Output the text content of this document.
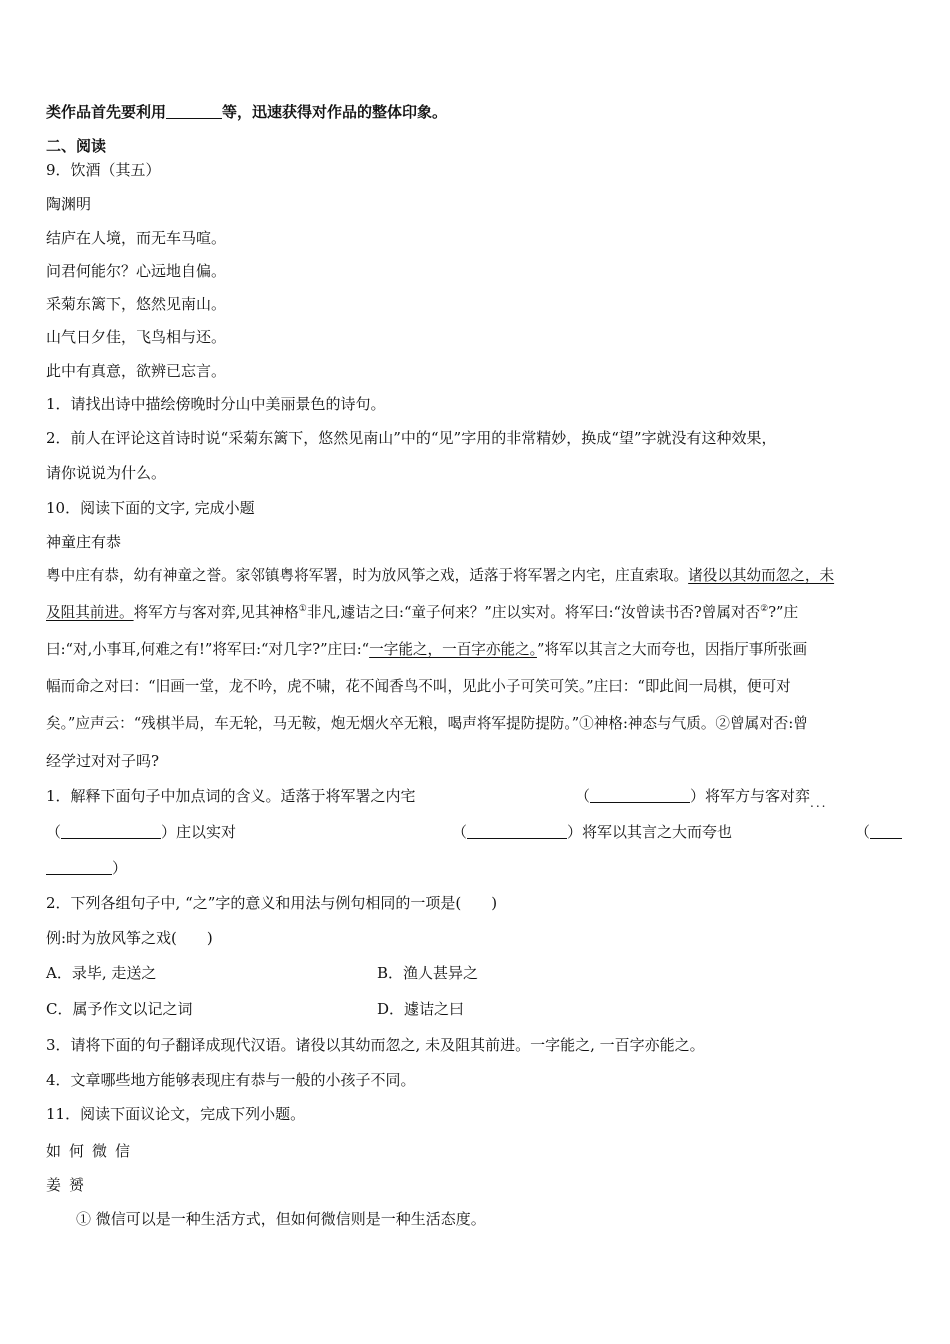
类作品首先要利用	等，迅速获得对作品的整体印象。
二、阅读
9．饮酒（其五）
陶渊明
结庐在人境，而无车马喧。
问君何能尔？心远地自偏。
采菊东篱下，悠然见南山。
山气日夕佳，飞鸟相与还。
此中有真意，欲辨已忘言。
1．请找出诗中描绘傍晚时分山中美丽景色的诗句。
2．前人在评论这首诗时说“采菊东篱下，悠然见南山”中的“见”字用的非常精妙，换成“望”字就没有这种效果，
请你说说为什么。
10．阅读下面的文字, 完成小题
神童庄有恭
粤中庄有恭，幼有神童之誉。家邻镇粤将军署，时为放风筝之戏，适落于将军署之内宅，庄直索取。诸役以其幼而忽之，未
及阻其前进。将军方与客对弈,见其神格①非凡,遽诘之曰:“童子何来？”庄以实对。将军曰:“汝曾读书否?曾属对否②?”庄
曰:“对,小事耳,何难之有!”将军曰:“对几字?”庄曰:“一字能之，一百字亦能之。”将军以其言之大而夸也，因指厅事所张画
幅而命之对曰：“旧画一堂，龙不吟，虎不啸，花不闻香鸟不叫，见此小子可笑可笑。”庄曰：“即此间一局棋，便可对
矣。”应声云：“残棋半局，车无轮，马无鞍，炮无烟火卒无粮，喝声将军提防提防。”①神格:神态与气质。②曾属对否:曾
经学过对对子吗?
1．解释下面句子中加点词的含义。适落于将军署之内宅	（	）将军方与客对弈$_{...}$
（	）庄以实对	（	）将军以其言之大而夸也	（
）
2．下列各组句子中, “之”字的意义和用法与例句相同的一项是(　　)
例:时为放风筝之戏(　　)
A．录毕, 走送之	B．渔人甚异之
C．属予作文以记之词	D．遽诘之曰
3．请将下面的句子翻译成现代汉语。诸役以其幼而忽之, 未及阻其前进。一字能之, 一百字亦能之。
4．文章哪些地方能够表现庄有恭与一般的小孩子不同。
11．阅读下面议论文，完成下列小题。
如何微信
姜赟
① 微信可以是一种生活方式，但如何微信则是一种生活态度。
